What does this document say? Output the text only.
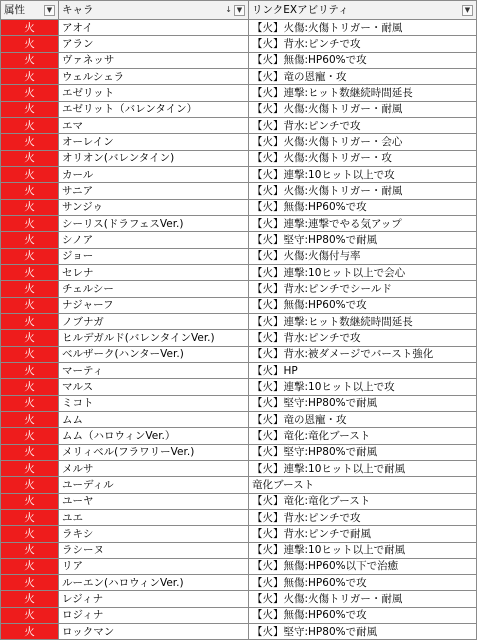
属性 ▼	キャラ ↓ ▼	リンクEXアビリティ ▼

火	アオイ	【火】火傷:火傷トリガー・耐風
火	アラン	【火】背水:ピンチで攻
火	ヴァネッサ	【火】無傷:HP60%で攻
火	ウェルシェラ	【火】竜の恩寵・攻
火	エゼリット	【火】連撃:ヒット数継続時間延長
火	エゼリット（バレンタイン）	【火】火傷:火傷トリガー・耐風
火	エマ	【火】背水:ピンチで攻
火	オーレイン	【火】火傷:火傷トリガー・会心
火	オリオン(バレンタイン)	【火】火傷:火傷トリガー・攻
火	カール	【火】連撃:10ヒット以上で攻
火	サニア	【火】火傷:火傷トリガー・耐風
火	サンジゥ	【火】無傷:HP60%で攻
火	シーリス(ドラフェスVer.)	【火】連撃:連撃でやる気アップ
火	シノア	【火】堅守:HP80%で耐風
火	ジョー	【火】火傷:火傷付与率
火	セレナ	【火】連撃:10ヒット以上で会心
火	チェルシー	【火】背水:ピンチでシールド
火	ナジャーフ	【火】無傷:HP60%で攻
火	ノブナガ	【火】連撃:ヒット数継続時間延長
火	ヒルデガルド(バレンタインVer.)	【火】背水:ピンチで攻
火	ベルザーク(ハンターVer.)	【火】背水:被ダメージでバースト強化
火	マーティ	【火】HP
火	マルス	【火】連撃:10ヒット以上で攻
火	ミコト	【火】堅守:HP80%で耐風
火	ムム	【火】竜の恩寵・攻
火	ムム（ハロウィンVer.）	【火】竜化:竜化ブースト
火	メリィベル(フラワリーVer.)	【火】堅守:HP80%で耐風
火	メルサ	【火】連撃:10ヒット以上で耐風
火	ユーディル	竜化ブースト
火	ユーヤ	【火】竜化:竜化ブースト
火	ユエ	【火】背水:ピンチで攻
火	ラキシ	【火】背水:ピンチで耐風
火	ラシーヌ	【火】連撃:10ヒット以上で耐風
火	リア	【火】無傷:HP60%以下で治癒
火	ルーエン(ハロウィンVer.)	【火】無傷:HP60%で攻
火	レジィナ	【火】火傷:火傷トリガー・耐風
火	ロジィナ	【火】無傷:HP60%で攻
火	ロックマン	【火】堅守:HP80%で耐風
